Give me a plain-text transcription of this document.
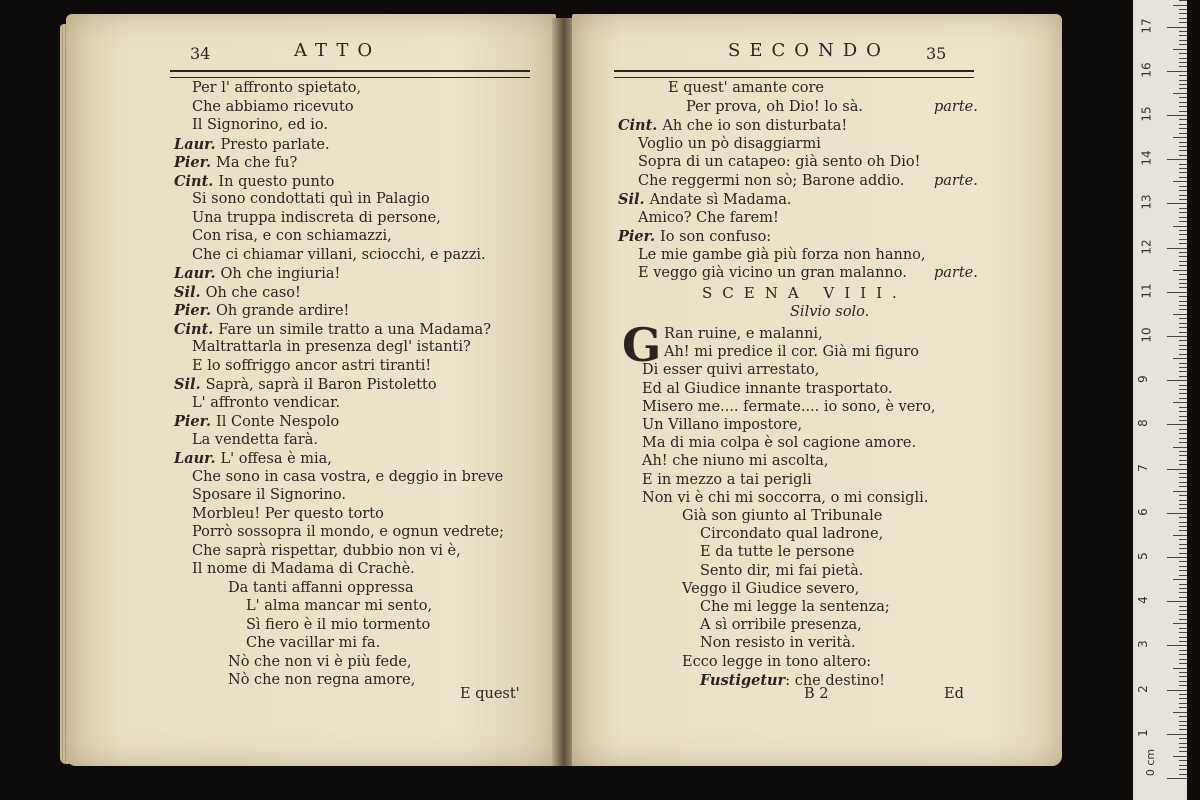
34	ATTO
Per l' affronto spietato,
Che abbiamo ricevuto
Il Signorino, ed io.
Laur. Presto parlate.
Pier. Ma che fu?
Cint. In questo punto
Si sono condottati quì in Palagio
Una truppa indiscreta di persone,
Con risa, e con schiamazzi,
Che ci chiamar villani, sciocchi, e pazzi.
Laur. Oh che ingiuria!
Sil. Oh che caso!
Pier. Oh grande ardire!
Cint. Fare un simile tratto a una Madama?
Maltrattarla in presenza degl' istanti?
E lo soffriggo ancor astri tiranti!
Sil. Saprà, saprà il Baron Pistoletto
L' affronto vendicar.
Pier. Il Conte Nespolo
La vendetta farà.
Laur. L' offesa è mia,
Che sono in casa vostra, e deggio in breve
Sposare il Signorino.
Morbleu! Per questo torto
Porrò sossopra il mondo, e ognun vedrete;
Che saprà rispettar, dubbio non vi è,
Il nome di Madama di Crachè.
Da tanti affanni oppressa
L' alma mancar mi sento,
Sì fiero è il mio tormento
Che vacillar mi fa.
Nò che non vi è più fede,
Nò che non regna amore,
E quest'
SECONDO 35
E quest' amante core
Per prova, oh Dio! lo sà.	parte.
Cint. Ah che io son disturbata!
Voglio un pò disaggiarmi
Sopra di un catapeo: già sento oh Dio!
Che reggermi non sò; Barone addio. parte.
Sil. Andate sì Madama.
Amico? Che farem!
Pier. Io son confuso:
Le mie gambe già più forza non hanno,
E veggo già vicino un gran malanno. parte.
SCENA VIII.
Silvio solo.
G Ran ruine, e malanni,
Ah! mi predice il cor. Già mi figuro
Di esser quivi arrestato,
Ed al Giudice innante trasportato.
Misero me.... fermate.... io sono, è vero,
Un Villano impostore,
Ma di mia colpa è sol cagione amore.
Ah! che niuno mi ascolta,
E in mezzo a tai perigli
Non vi è chi mi soccorra, o mi consigli.
Già son giunto al Tribunale
Circondato qual ladrone,
E da tutte le persone
Sento dir, mi fai pietà.
Veggo il Giudice severo,
Che mi legge la sentenza;
A sì orribile presenza,
Non resisto in verità.
Ecco legge in tono altero:
Fustigetur: che destino!
B 2	Ed
1
2
3
4
5
6
7
8
9
10
11
12
13
14
15
16
17
0 cm
